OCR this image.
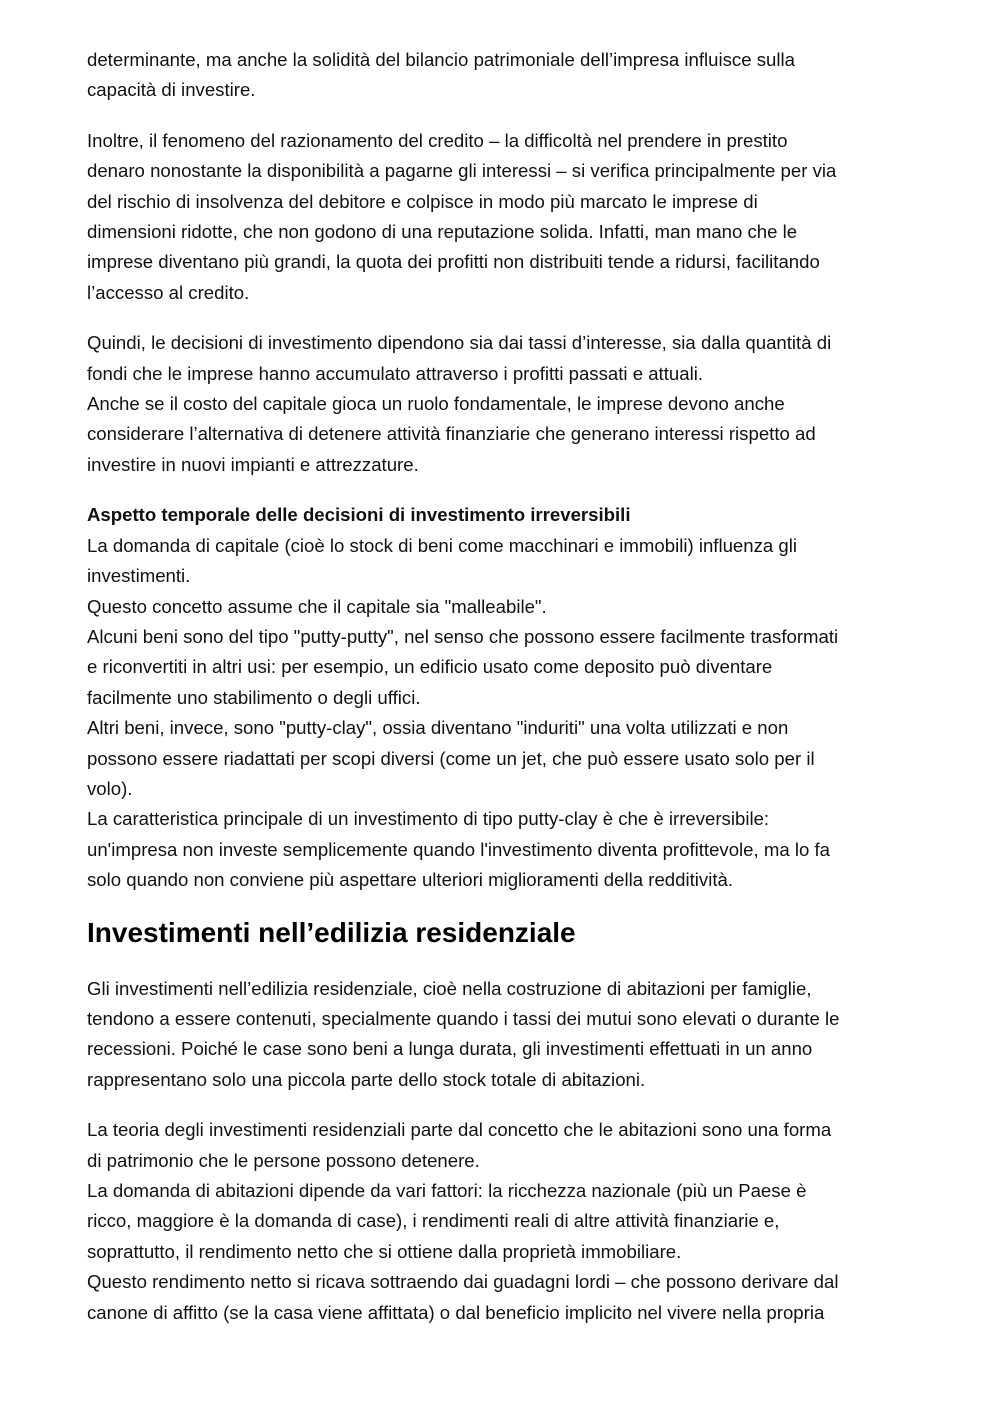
determinante, ma anche la solidità del bilancio patrimoniale dell’impresa influisce sulla
capacità di investire.
Inoltre, il fenomeno del razionamento del credito – la difficoltà nel prendere in prestito
denaro nonostante la disponibilità a pagarne gli interessi – si verifica principalmente per via
del rischio di insolvenza del debitore e colpisce in modo più marcato le imprese di
dimensioni ridotte, che non godono di una reputazione solida. Infatti, man mano che le
imprese diventano più grandi, la quota dei profitti non distribuiti tende a ridursi, facilitando
l’accesso al credito.
Quindi, le decisioni di investimento dipendono sia dai tassi d’interesse, sia dalla quantità di
fondi che le imprese hanno accumulato attraverso i profitti passati e attuali.
Anche se il costo del capitale gioca un ruolo fondamentale, le imprese devono anche
considerare l’alternativa di detenere attività finanziarie che generano interessi rispetto ad
investire in nuovi impianti e attrezzature.
Aspetto temporale delle decisioni di investimento irreversibili
La domanda di capitale (cioè lo stock di beni come macchinari e immobili) influenza gli
investimenti.
Questo concetto assume che il capitale sia "malleabile".
Alcuni beni sono del tipo "putty-putty", nel senso che possono essere facilmente trasformati
e riconvertiti in altri usi: per esempio, un edificio usato come deposito può diventare
facilmente uno stabilimento o degli uffici.
Altri beni, invece, sono "putty-clay", ossia diventano "induriti" una volta utilizzati e non
possono essere riadattati per scopi diversi (come un jet, che può essere usato solo per il
volo).
La caratteristica principale di un investimento di tipo putty-clay è che è irreversibile:
un'impresa non investe semplicemente quando l'investimento diventa profittevole, ma lo fa
solo quando non conviene più aspettare ulteriori miglioramenti della redditività.
Investimenti nell’edilizia residenziale
Gli investimenti nell’edilizia residenziale, cioè nella costruzione di abitazioni per famiglie,
tendono a essere contenuti, specialmente quando i tassi dei mutui sono elevati o durante le
recessioni. Poiché le case sono beni a lunga durata, gli investimenti effettuati in un anno
rappresentano solo una piccola parte dello stock totale di abitazioni.
La teoria degli investimenti residenziali parte dal concetto che le abitazioni sono una forma
di patrimonio che le persone possono detenere.
La domanda di abitazioni dipende da vari fattori: la ricchezza nazionale (più un Paese è
ricco, maggiore è la domanda di case), i rendimenti reali di altre attività finanziarie e,
soprattutto, il rendimento netto che si ottiene dalla proprietà immobiliare.
Questo rendimento netto si ricava sottraendo dai guadagni lordi – che possono derivare dal
canone di affitto (se la casa viene affittata) o dal beneficio implicito nel vivere nella propria
